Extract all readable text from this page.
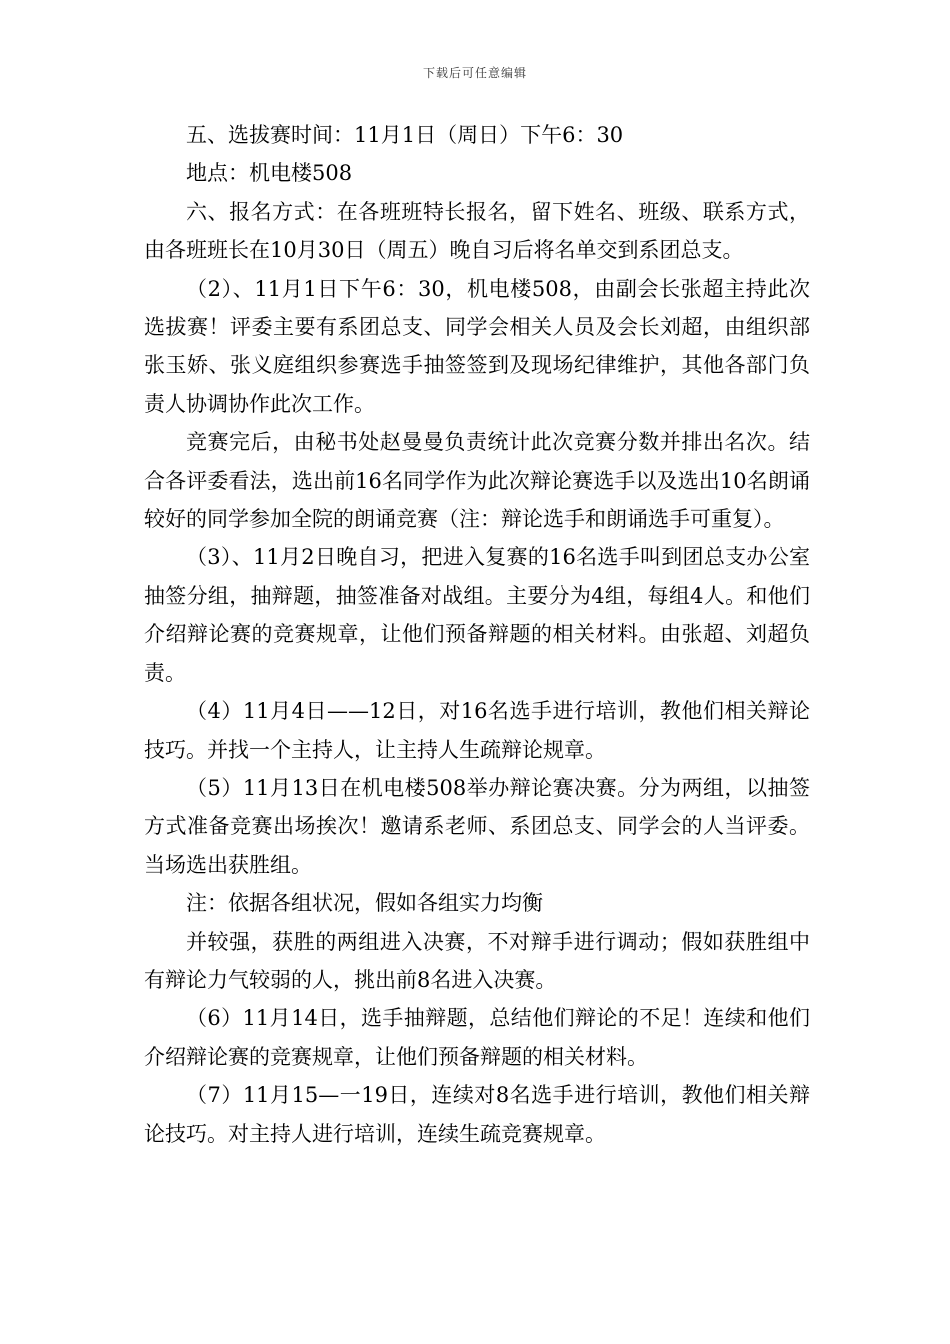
下载后可任意编辑

五、选拔赛时间：11月1日（周日）下午6：30

地点：机电楼508

六、报名方式：在各班班特长报名，留下姓名、班级、联系方式，由各班班长在10月30日（周五）晚自习后将名单交到系团总支。

（2）、11月1日下午6：30，机电楼508，由副会长张超主持此次选拔赛！评委主要有系团总支、同学会相关人员及会长刘超，由组织部张玉娇、张义庭组织参赛选手抽签签到及现场纪律维护，其他各部门负责人协调协作此次工作。

竞赛完后，由秘书处赵曼曼负责统计此次竞赛分数并排出名次。结合各评委看法，选出前16名同学作为此次辩论赛选手以及选出10名朗诵较好的同学参加全院的朗诵竞赛（注：辩论选手和朗诵选手可重复）。

（3）、11月2日晚自习，把进入复赛的16名选手叫到团总支办公室抽签分组，抽辩题，抽签准备对战组。主要分为4组，每组4人。和他们介绍辩论赛的竞赛规章，让他们预备辩题的相关材料。由张超、刘超负责。

（4）11月4日——12日，对16名选手进行培训，教他们相关辩论技巧。并找一个主持人，让主持人生疏辩论规章。

（5）11月13日在机电楼508举办辩论赛决赛。分为两组，以抽签方式准备竞赛出场挨次！邀请系老师、系团总支、同学会的人当评委。当场选出获胜组。

注：依据各组状况，假如各组实力均衡

并较强，获胜的两组进入决赛，不对辩手进行调动；假如获胜组中有辩论力气较弱的人，挑出前8名进入决赛。

（6）11月14日，选手抽辩题，总结他们辩论的不足！连续和他们介绍辩论赛的竞赛规章，让他们预备辩题的相关材料。

（7）11月15—一19日，连续对8名选手进行培训，教他们相关辩论技巧。对主持人进行培训，连续生疏竞赛规章。
